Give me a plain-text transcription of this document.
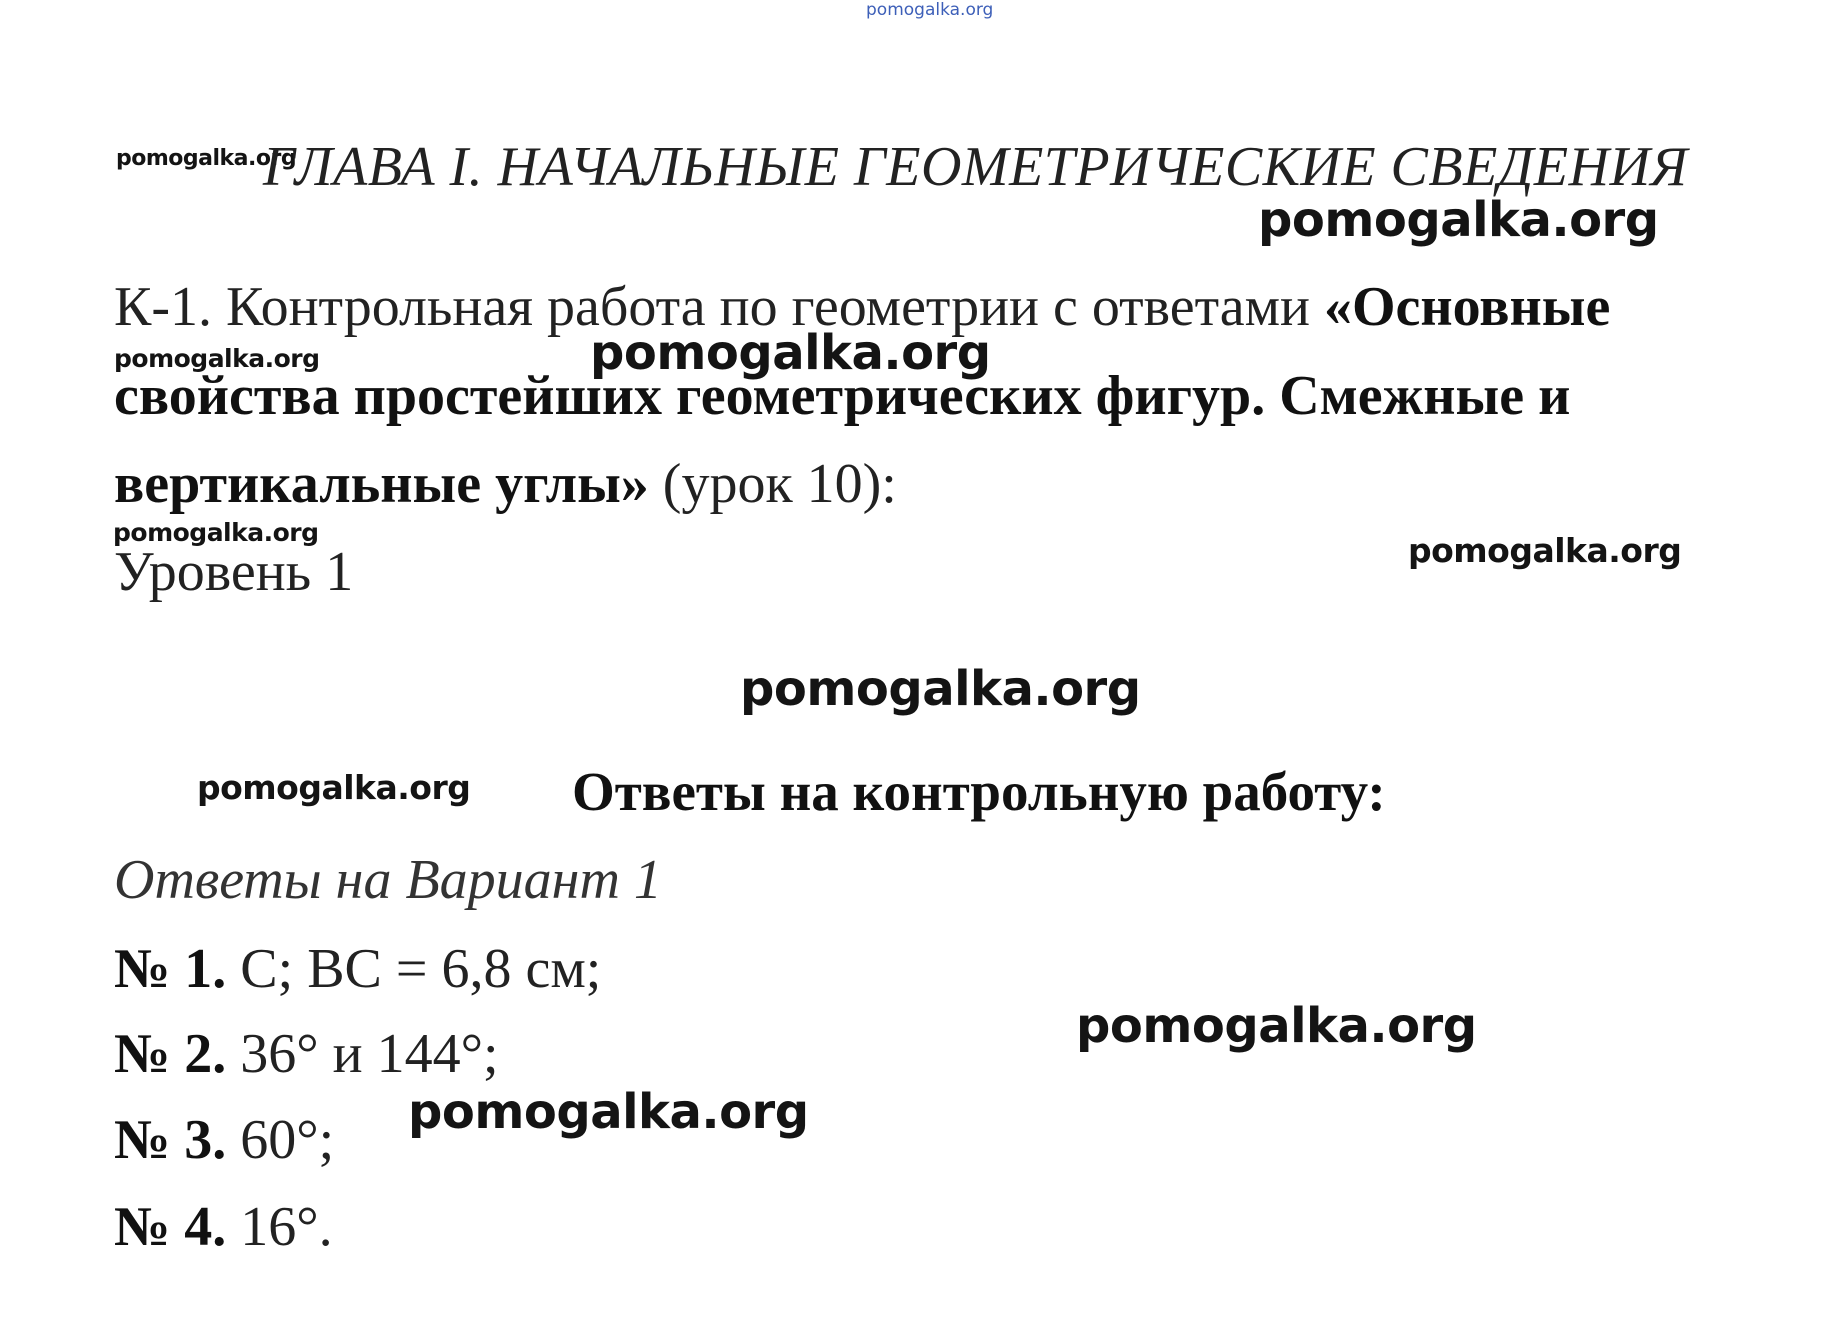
pomogalka.org
pomogalka.org
pomogalka.org
pomogalka.org	pomogalka.org
pomogalka.org	pomogalka.org
pomogalka.org
pomogalka.org
pomogalka.org
pomogalka.org
ГЛАВА I. НАЧАЛЬНЫЕ ГЕОМЕТРИЧЕСКИЕ СВЕДЕНИЯ
К-1. Контрольная работа по геометрии с ответами «Основные
свойства простейших геометрических фигур. Смежные и
вертикальные углы» (урок 10):
Уровень 1
Ответы на контрольную работу:
Ответы на Вариант 1
№ 1. C; BC = 6,8 см;
№ 2. 36° и 144°;
№ 3. 60°;
№ 4. 16°.
